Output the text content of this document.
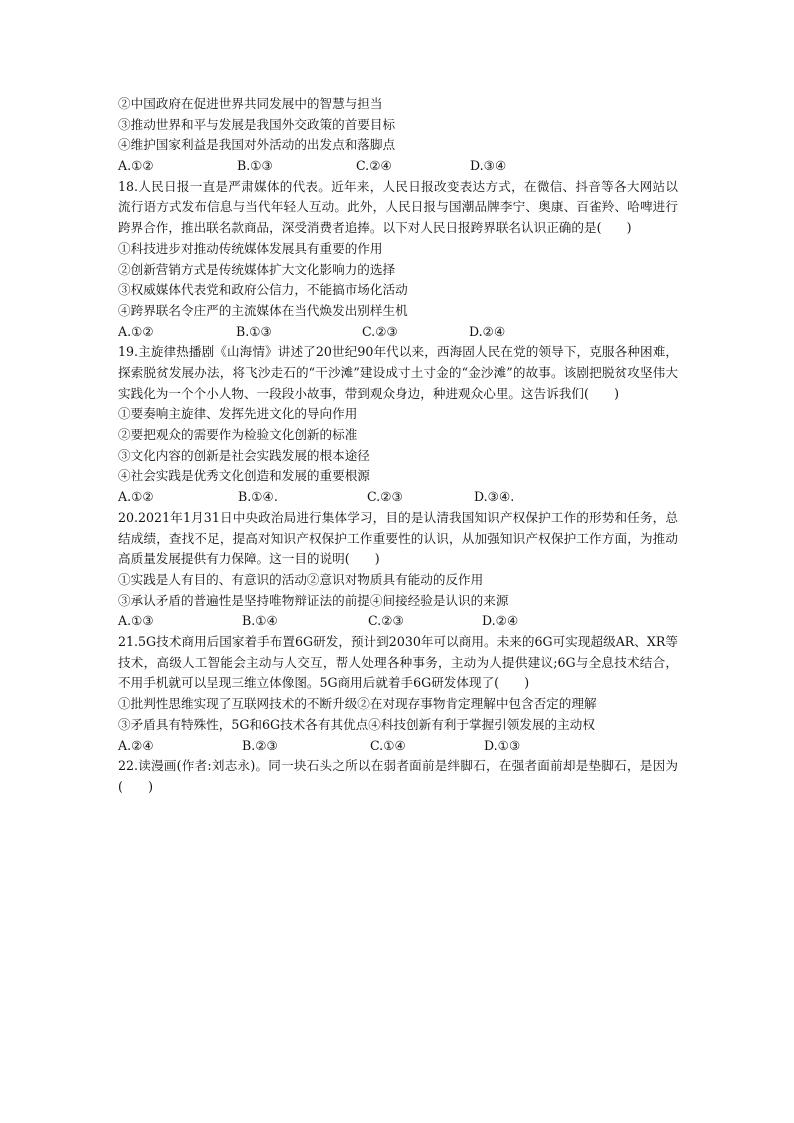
②中国政府在促进世界共同发展中的智慧与担当
③推动世界和平与发展是我国外交政策的首要目标
④维护国家利益是我国对外活动的出发点和落脚点
A.①②	B.①③	C.②④	D.③④
18.人民日报一直是严肃媒体的代表。近年来，人民日报改变表达方式，在微信、抖音等各大网站以流行语方式发布信息与当代年轻人互动。此外，人民日报与国潮品牌李宁、奥康、百雀羚、哈啤进行跨界合作，推出联名款商品，深受消费者追捧。以下对人民日报跨界联名认识正确的是(　　)
①科技进步对推动传统媒体发展具有重要的作用
②创新营销方式是传统媒体扩大文化影响力的选择
③权威媒体代表党和政府公信力，不能搞市场化活动
④跨界联名令庄严的主流媒体在当代焕发出别样生机
A.①②	B.①③	C.②③	D.②④
19.主旋律热播剧《山海情》讲述了20世纪90年代以来，西海固人民在党的领导下，克服各种困难，探索脱贫发展办法，将飞沙走石的“干沙滩”建设成寸土寸金的“金沙滩”的故事。该剧把脱贫攻坚伟大实践化为一个个小人物、一段段小故事，带到观众身边，种进观众心里。这告诉我们(　　)
①要奏响主旋律、发挥先进文化的导向作用
②要把观众的需要作为检验文化创新的标准
③文化内容的创新是社会实践发展的根本途径
④社会实践是优秀文化创造和发展的重要根源
A.①②	B.①④.	C.②③	D.③④.
20.2021年1月31日中央政治局进行集体学习，目的是认清我国知识产权保护工作的形势和任务，总结成绩，查找不足，提高对知识产权保护工作重要性的认识，从加强知识产权保护工作方面，为推动高质量发展提供有力保障。这一目的说明(　　)
①实践是人有目的、有意识的活动②意识对物质具有能动的反作用
③承认矛盾的普遍性是坚持唯物辩证法的前提④间接经验是认识的来源
A.①③	B.①④	C.②③	D.②④
21.5G技术商用后国家着手布置6G研发，预计到2030年可以商用。未来的6G可实现超级AR、XR等技术，高级人工智能会主动与人交互，帮人处理各种事务，主动为人提供建议;6G与全息技术结合，不用手机就可以呈现三维立体像图。5G商用后就着手6G研发体现了(　　)
①批判性思维实现了互联网技术的不断升级②在对现存事物肯定理解中包含否定的理解
③矛盾具有特殊性，5G和6G技术各有其优点④科技创新有利于掌握引领发展的主动权
A.②④	B.②③	C.①④	D.①③
22.读漫画(作者:刘志永)。同一块石头之所以在弱者面前是绊脚石，在强者面前却是垫脚石，是因为(　　)
